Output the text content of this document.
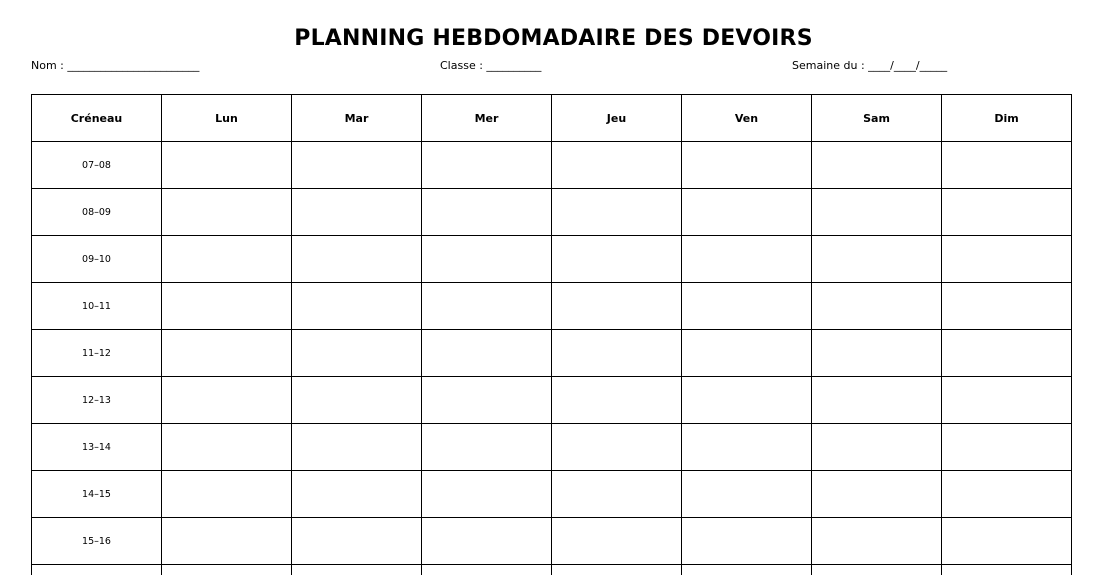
PLANNING HEBDOMADAIRE DES DEVOIRS
Nom : ________________________	Classe : __________	Semaine du : ____/____/_____
Créneau	Lun	Mar	Mer	Jeu	Ven	Sam	Dim
07–08							
08–09							
09–10							
10–11							
11–12							
12–13							
13–14							
14–15							
15–16							
